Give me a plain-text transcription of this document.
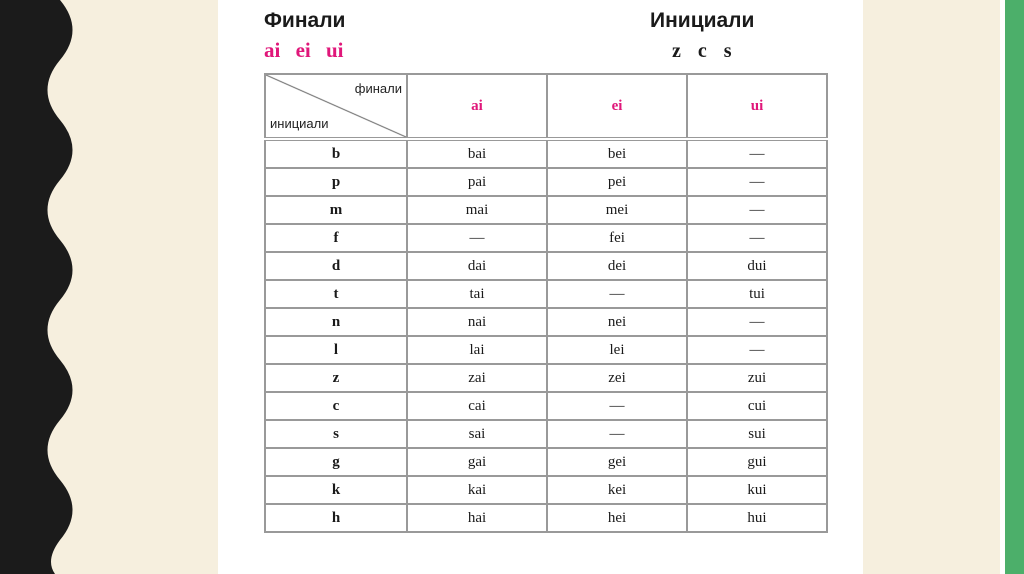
Финали	Инициали
ai ei ui	z c s
финали
инициали	ai	ei	ui
b	bai	bei	—
p	pai	pei	—
m	mai	mei	—
f	—	fei	—
d	dai	dei	dui
t	tai	—	tui
n	nai	nei	—
l	lai	lei	—
z	zai	zei	zui
c	cai	—	cui
s	sai	—	sui
g	gai	gei	gui
k	kai	kei	kui
h	hai	hei	hui
